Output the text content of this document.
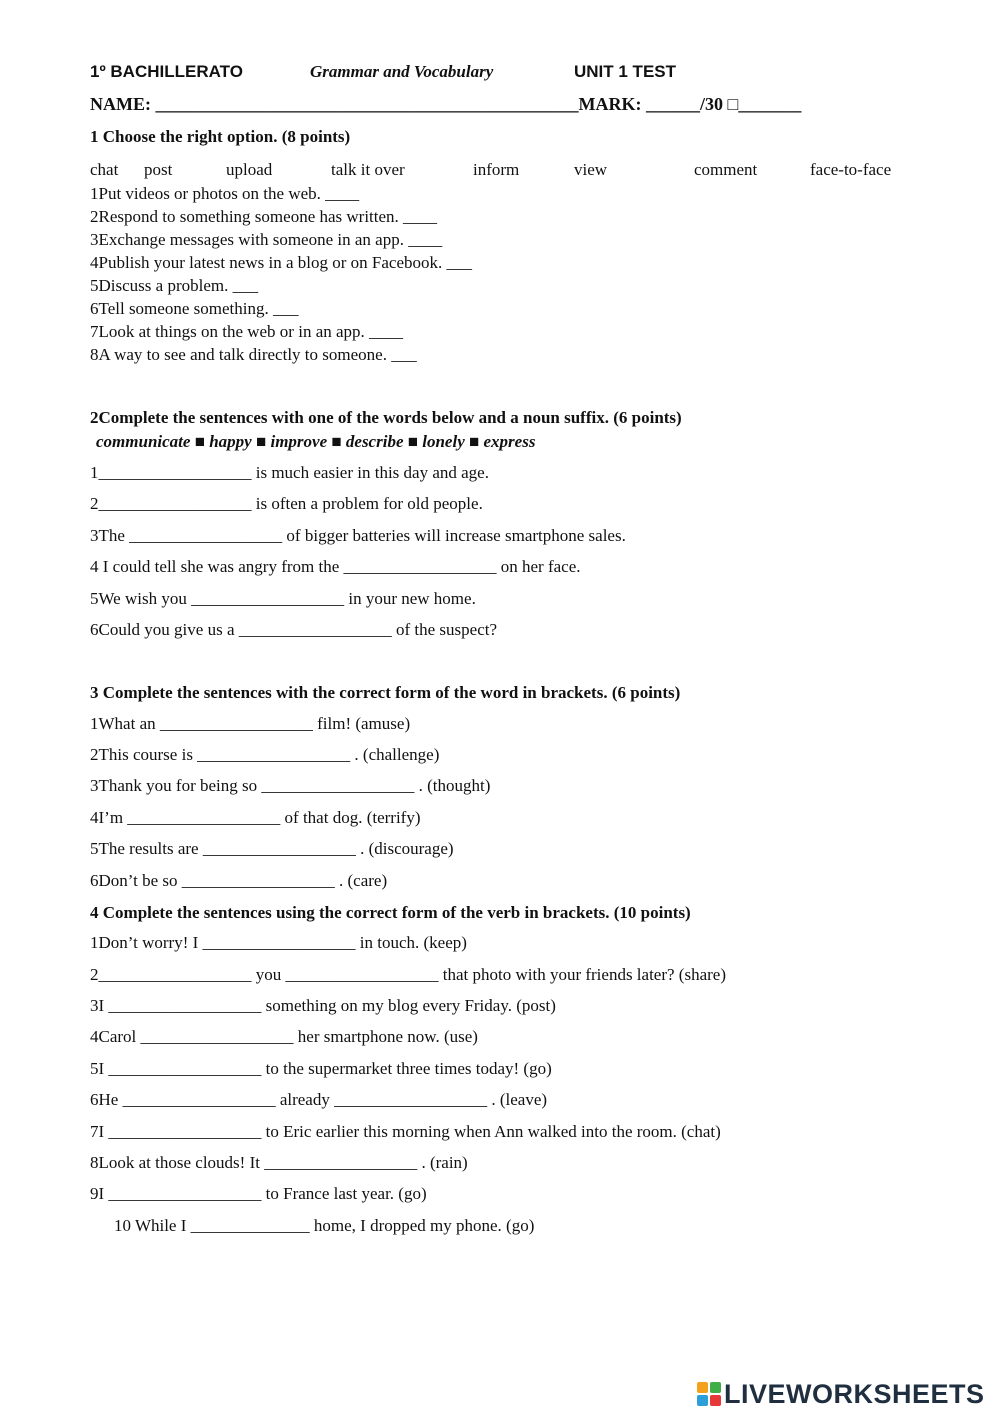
1º BACHILLERATO	Grammar and Vocabulary	UNIT 1 TEST
NAME: _______________________________________________MARK: ______/30 □_______
1 Choose the right option. (8 points)
chat post	upload	talk it over	inform	view	comment	face-to-face
1Put videos or photos on the web. ____
2Respond to something someone has written. ____
3Exchange messages with someone in an app. ____
4Publish your latest news in a blog or on Facebook. ___
5Discuss a problem. ___
6Tell someone something. ___
7Look at things on the web or in an app. ____
8A way to see and talk directly to someone. ___
2Complete the sentences with one of the words below and a noun suffix. (6 points)
communicate ■ happy ■ improve ■ describe ■ lonely ■ express
1__________________ is much easier in this day and age.
2__________________ is often a problem for old people.
3The __________________ of bigger batteries will increase smartphone sales.
4 I could tell she was angry from the __________________ on her face.
5We wish you __________________ in your new home.
6Could you give us a __________________ of the suspect?
3 Complete the sentences with the correct form of the word in brackets. (6 points)
1What an __________________ film! (amuse)
2This course is __________________ . (challenge)
3Thank you for being so __________________ . (thought)
4I’m __________________ of that dog. (terrify)
5The results are __________________ . (discourage)
6Don’t be so __________________ . (care)
4 Complete the sentences using the correct form of the verb in brackets. (10 points)
1Don’t worry! I __________________ in touch. (keep)
2__________________ you __________________ that photo with your friends later? (share)
3I __________________ something on my blog every Friday. (post)
4Carol __________________ her smartphone now. (use)
5I __________________ to the supermarket three times today! (go)
6He __________________ already __________________ . (leave)
7I __________________ to Eric earlier this morning when Ann walked into the room. (chat)
8Look at those clouds! It __________________ . (rain)
9I __________________ to France last year. (go)
10 While I ______________ home, I dropped my phone. (go)
LIVEWORKSHEETS
